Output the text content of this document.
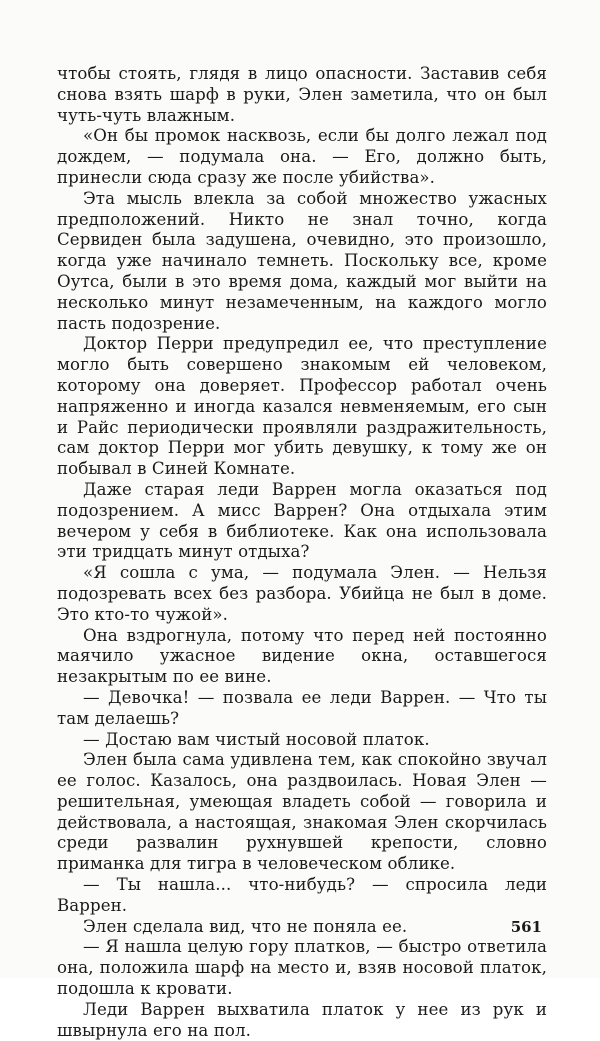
чтобы стоять, глядя в лицо опасности. Заставив себя снова взять шарф в руки, Элен заметила, что он был чуть-чуть влажным.

«Он бы промок насквозь, если бы долго лежал под дождем, — подумала она. — Его, должно быть, принесли сюда сразу же после убийства».

Эта мысль влекла за собой множество ужасных предположений. Никто не знал точно, когда Сервиден была задушена, очевидно, это произошло, когда уже начинало темнеть. Поскольку все, кроме Оутса, были в это время дома, каждый мог выйти на несколько минут незамеченным, на каждого могло пасть подозрение.

Доктор Перри предупредил ее, что преступление могло быть совершено знакомым ей человеком, которому она доверяет. Профессор работал очень напряженно и иногда казался невменяемым, его сын и Райс периодически проявляли раздражительность, сам доктор Перри мог убить девушку, к тому же он побывал в Синей Комнате.

Даже старая леди Варрен могла оказаться под подозрением. А мисс Варрен? Она отдыхала этим вечером у себя в библиотеке. Как она использовала эти тридцать минут отдыха?

«Я сошла с ума, — подумала Элен. — Нельзя подозревать всех без разбора. Убийца не был в доме. Это кто-то чужой».

Она вздрогнула, потому что перед ней постоянно маячило ужасное видение окна, оставшегося незакрытым по ее вине.

— Девочка! — позвала ее леди Варрен. — Что ты там делаешь?

— Достаю вам чистый носовой платок.

Элен была сама удивлена тем, как спокойно звучал ее голос. Казалось, она раздвоилась. Новая Элен — решительная, умеющая владеть собой — говорила и действовала, а настоящая, знакомая Элен скорчилась среди развалин рухнувшей крепости, словно приманка для тигра в человеческом облике.

— Ты нашла... что-нибудь? — спросила леди Варрен.

Элен сделала вид, что не поняла ее.

— Я нашла целую гору платков, — быстро ответила она, положила шарф на место и, взяв носовой платок, подошла к кровати.

Леди Варрен выхватила платок у нее из рук и швырнула его на пол.

561
